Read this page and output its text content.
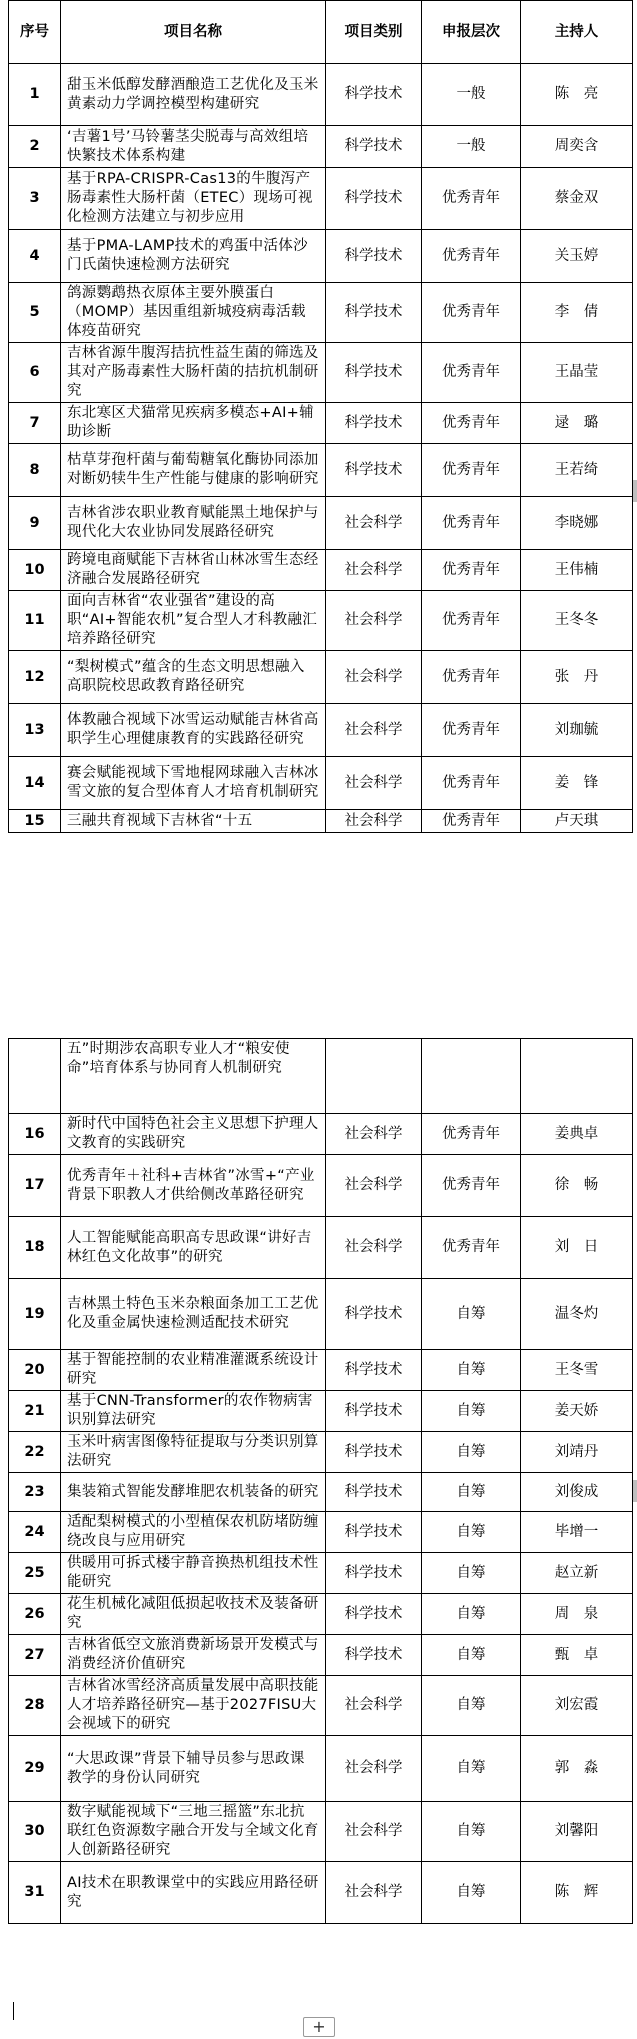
序号	项目名称	项目类别	申报层次	主持人
1	甜玉米低醇发酵酒酿造工艺优化及玉米黄素动力学调控模型构建研究	科学技术	一般	陈　亮
2	‘吉薯1号’马铃薯茎尖脱毒与高效组培快繁技术体系构建	科学技术	一般	周奕含
3	基于RPA-CRISPR-Cas13的牛腹泻产肠毒素性大肠杆菌（ETEC）现场可视化检测方法建立与初步应用	科学技术	优秀青年	蔡金双
4	基于PMA-LAMP技术的鸡蛋中活体沙门氏菌快速检测方法研究	科学技术	优秀青年	关玉婷
5	鸽源鹦鹉热衣原体主要外膜蛋白（MOMP）基因重组新城疫病毒活载体疫苗研究	科学技术	优秀青年	李　倩
6	吉林省源牛腹泻拮抗性益生菌的筛选及其对产肠毒素性大肠杆菌的拮抗机制研究	科学技术	优秀青年	王晶莹
7	东北寒区犬猫常见疾病多模态+AI+辅助诊断	科学技术	优秀青年	逯　璐
8	枯草芽孢杆菌与葡萄糖氧化酶协同添加对断奶犊牛生产性能与健康的影响研究	科学技术	优秀青年	王若绮
9	吉林省涉农职业教育赋能黑土地保护与现代化大农业协同发展路径研究	社会科学	优秀青年	李晓娜
10	跨境电商赋能下吉林省山林冰雪生态经济融合发展路径研究	社会科学	优秀青年	王伟楠
11	面向吉林省“农业强省”建设的高职“AI+智能农机”复合型人才科教融汇培养路径研究	社会科学	优秀青年	王冬冬
12	“梨树模式”蕴含的生态文明思想融入高职院校思政教育路径研究	社会科学	优秀青年	张　丹
13	体教融合视域下冰雪运动赋能吉林省高职学生心理健康教育的实践路径研究	社会科学	优秀青年	刘珈毓
14	赛会赋能视域下雪地棍网球融入吉林冰雪文旅的复合型体育人才培育机制研究	社会科学	优秀青年	姜　锋
15	三融共育视域下吉林省“十五	社会科学	优秀青年	卢天琪
	五”时期涉农高职专业人才“粮安使命”培育体系与协同育人机制研究			
16	新时代中国特色社会主义思想下护理人文教育的实践研究	社会科学	优秀青年	姜典卓
17	优秀青年＋社科+吉林省”冰雪+“产业背景下职教人才供给侧改革路径研究	社会科学	优秀青年	徐　畅
18	人工智能赋能高职高专思政课“讲好吉林红色文化故事”的研究	社会科学	优秀青年	刘　日
19	吉林黑土特色玉米杂粮面条加工工艺优化及重金属快速检测适配技术研究	科学技术	自筹	温冬灼
20	基于智能控制的农业精准灌溉系统设计研究	科学技术	自筹	王冬雪
21	基于CNN-Transformer的农作物病害识别算法研究	科学技术	自筹	姜天娇
22	玉米叶病害图像特征提取与分类识别算法研究	科学技术	自筹	刘靖丹
23	集装箱式智能发酵堆肥农机装备的研究	科学技术	自筹	刘俊成
24	适配梨树模式的小型植保农机防堵防缠绕改良与应用研究	科学技术	自筹	毕增一
25	供暖用可拆式楼宇静音换热机组技术性能研究	科学技术	自筹	赵立新
26	花生机械化减阻低损起收技术及装备研究	科学技术	自筹	周　泉
27	吉林省低空文旅消费新场景开发模式与消费经济价值研究	科学技术	自筹	甄　卓
28	吉林省冰雪经济高质量发展中高职技能人才培养路径研究—基于2027FISU大会视域下的研究	社会科学	自筹	刘宏霞
29	“大思政课”背景下辅导员参与思政课教学的身份认同研究	社会科学	自筹	郭　淼
30	数字赋能视域下“三地三摇篮”东北抗联红色资源数字融合开发与全域文化育人创新路径研究	社会科学	自筹	刘馨阳
31	AI技术在职教课堂中的实践应用路径研究	社会科学	自筹	陈　辉
+
